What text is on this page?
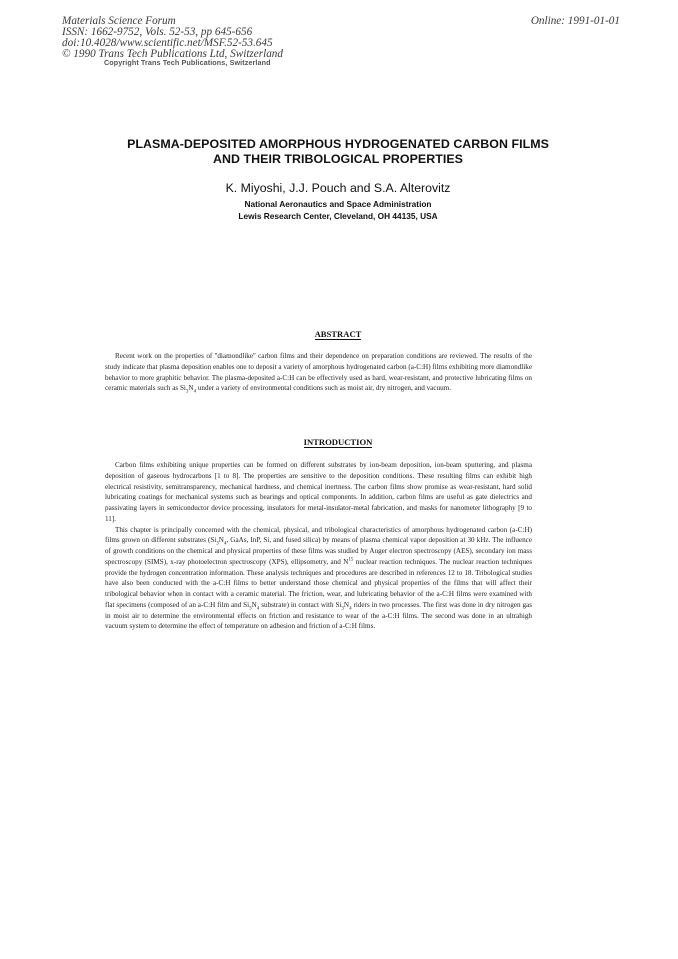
Materials Science Forum
ISSN: 1662-9752, Vols. 52-53, pp 645-656
doi:10.4028/www.scientific.net/MSF.52-53.645
© 1990 Trans Tech Publications Ltd, Switzerland
Online: 1991-01-01
Copyright Trans Tech Publications, Switzerland
PLASMA-DEPOSITED AMORPHOUS HYDROGENATED CARBON FILMS
AND THEIR TRIBOLOGICAL PROPERTIES
K. Miyoshi, J.J. Pouch and S.A. Alterovitz
National Aeronautics and Space Administration
Lewis Research Center, Cleveland, OH 44135, USA
ABSTRACT

Recent work on the properties of ''diamondlike'' carbon films and their dependence on preparation conditions are reviewed. The results of the study indicate that plasma deposition enables one to deposit a variety of amorphous hydrogenated carbon (a-C:H) films exhibiting more diamondlike behavior to more graphitic behavior. The plasma-deposited a-C:H can be effectively used as hard, wear-resistant, and protective lubricating films on ceramic materials such as $Si_3N_4$ under a variety of environmental conditions such as moist air, dry nitrogen, and vacuum.

INTRODUCTION

Carbon films exhibiting unique properties can be formed on different substrates by ion-beam deposition, ion-beam sputtering, and plasma deposition of gaseous hydrocarbons [1 to 8]. The properties are sensitive to the deposition conditions. These resulting films can exhibit high electrical resistivity, semitransparency, mechanical hardness, and chemical inertness. The carbon films show promise as wear-resistant, hard solid lubricating coatings for mechanical systems such as bearings and optical components. In addition, carbon films are useful as gate dielectrics and passivating layers in semiconductor device processing, insulators for metal-insulator-metal fabrication, and masks for nanometer lithography [9 to 11].

This chapter is principally concerned with the chemical, physical, and tribological characteristics of amorphous hydrogenated carbon (a-C:H) films grown on different substrates ($Si_3N_4$, GaAs, InP, Si, and fused silica) by means of plasma chemical vapor deposition at 30 kHz. The influence of growth conditions on the chemical and physical properties of these films was studied by Auger electron spectroscopy (AES), secondary ion mass spectroscopy (SIMS), x-ray photoelectron spectroscopy (XPS), ellipsometry, and $N^{15}$ nuclear reaction techniques. The nuclear reaction techniques provide the hydrogen concentration information. These analysis techniques and procedures are described in references 12 to 18. Tribological studies have also been conducted with the a-C:H films to better understand those chemical and physical properties of the films that will affect their tribological behavior when in contact with a ceramic material. The friction, wear, and lubricating behavior of the a-C:H films were examined with flat specimens (composed of an a-C:H film and $Si_3N_4$ substrate) in contact with $Si_3N_4$ riders in two processes. The first was done in dry nitrogen gas in moist air to determine the environmental effects on friction and resistance to wear of the a-C:H films. The second was done in an ultrahigh vacuum system to determine the effect of temperature on adhesion and friction of a-C:H films.
